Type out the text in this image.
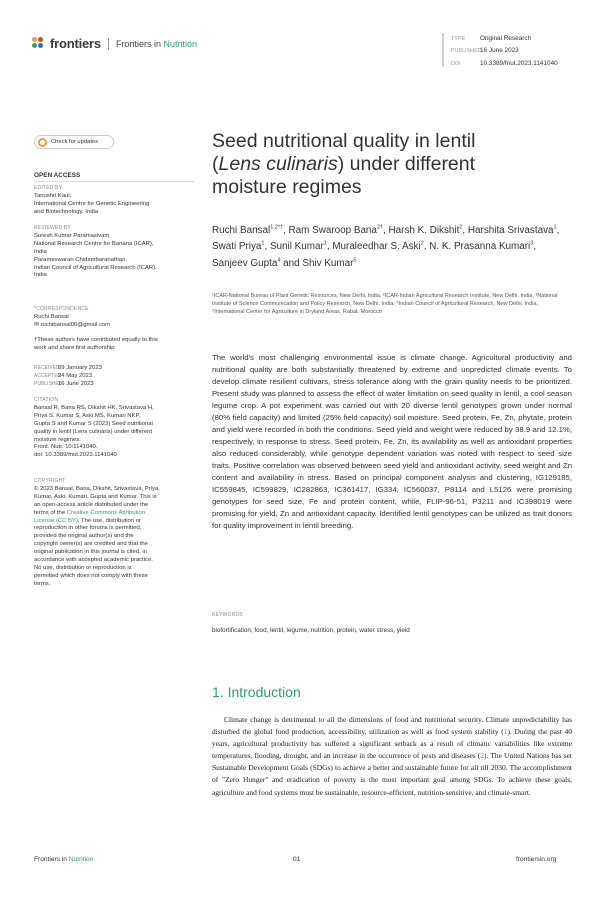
frontiers Frontiers in Nutrition	TYPE Original Research
PUBLISHED16 June 2023
DOI	10.3389/fnut.2023.1141040
Check for updates
OPEN ACCESS
EDITED BY
Tanushri Kaul,
International Centre for Genetic Engineering
and Biotechnology, India
REVIEWED BY
Suresh Kumar Paramasivam,
National Research Centre for Banana (ICAR),
India
Parameswaran Chidambaranathan,
Indian Council of Agricultural Research (ICAR),
India
*CORRESPONDENCE
Ruchi Bansal
✉ ruchibansal06@gmail.com
†These authors have contributed equally to this
work and share first authorship
RECEIVED09 January 2023
ACCEPTED24 May 2023
PUBLISHED16 June 2023
CITATION
Bansal R, Bana RS, Dikshit HK, Srivastava H,
Priya S, Kumar S, Aski MS, Kumari NKP,
Gupta S and Kumar S (2023) Seed nutritional
quality in lentil (Lens culinaris) under different
moisture regimes.
Front. Nutr. 10:1141040.
doi: 10.3389/fnut.2023.1141040
COPYRIGHT
© 2023 Bansal, Bana, Dikshit, Srivastava, Priya,
Kumar, Aski, Kumari, Gupta and Kumar. This is
an open-access article distributed under the
terms of the Creative Commons Attribution
License (CC BY). The use, distribution or
reproduction in other forums is permitted,
provided the original author(s) and the
copyright owner(s) are credited and that the
original publication in this journal is cited, in
accordance with accepted academic practice.
No use, distribution or reproduction is
permitted which does not comply with these
terms.
Seed nutritional quality in lentil
(Lens culinaris) under different
moisture regimes
Ruchi Bansal$^{1,2*\dagger}$, Ram Swaroop Bana$^{2\dagger}$, Harsh K. Dikshit$^2$, Harshita Srivastava$^1$, Swati Priya$^1$, Sunil Kumar$^1$, Muraleedhar S. Aski$^2$, N. K. Prasanna Kumari$^3$, Sanjeev Gupta$^4$ and Shiv Kumar$^5$
¹ICAR-National Bureau of Plant Genetic Resources, New Delhi, India, ²ICAR-Indian Agricultural Research Institute, New Delhi, India, ³National Institute of Science Communication and Policy Research, New Delhi, India, ⁴Indian Council of Agricultural Research, New Delhi, India, ⁵International Center for Agriculture in Dryland Areas, Rabat, Morocco
The world's most challenging environmental issue is climate change. Agricultural productivity and nutritional quality are both substantially threatened by extreme and unpredicted climate events. To develop climate resilient cultivars, stress tolerance along with the grain quality needs to be prioritized. Present study was planned to assess the effect of water limitation on seed quality in lentil, a cool season legume crop. A pot experiment was carried out with 20 diverse lentil genotypes grown under normal (80% field capacity) and limited (25% field capacity) soil moisture. Seed protein, Fe, Zn, phytate, protein and yield were recorded in both the conditions. Seed yield and weight were reduced by 38.9 and 12.1%, respectively, in response to stress. Seed protein, Fe, Zn, its availability as well as antioxidant properties also reduced considerably, while genotype dependent variation was noted with respect to seed size traits. Positive correlation was observed between seed yield and antioxidant activity, seed weight and Zn content and availability in stress. Based on principal component analysis and clustering, IG129185, IC559845, IC599829, IC282863, IC361417, IG334, IC560037, P8114 and L5126 were promising genotypes for seed size, Fe and protein content, while, FLIP-96-51, P3211 and IC398019 were promising for yield, Zn and antioxidant capacity. Identified lentil genotypes can be utilized as trait donors for quality improvement in lentil breeding.
KEYWORDS
biofortification, food, lentil, legume, nutrition, protein, water stress, yield
1. Introduction
Climate change is detrimental to all the dimensions of food and nutritional security. Climate unpredictability has disturbed the global food production, accessibility, utilization as well as food system stability (1). During the past 40 years, agricultural productivity has suffered a significant setback as a result of climatic variabilities like extreme temperatures, flooding, drought, and an increase in the occurrence of pests and diseases (2). The United Nations has set Sustainable Development Goals (SDGs) to achieve a better and sustainable future for all till 2030. The accomplishment of "Zero Hunger" and eradication of poverty is the most important goal among SDGs. To achieve these goals, agriculture and food systems must be sustainable, resource-efficient, nutrition-sensitive, and climate-smart.
Frontiers in Nutrition	01	frontiersin.org
